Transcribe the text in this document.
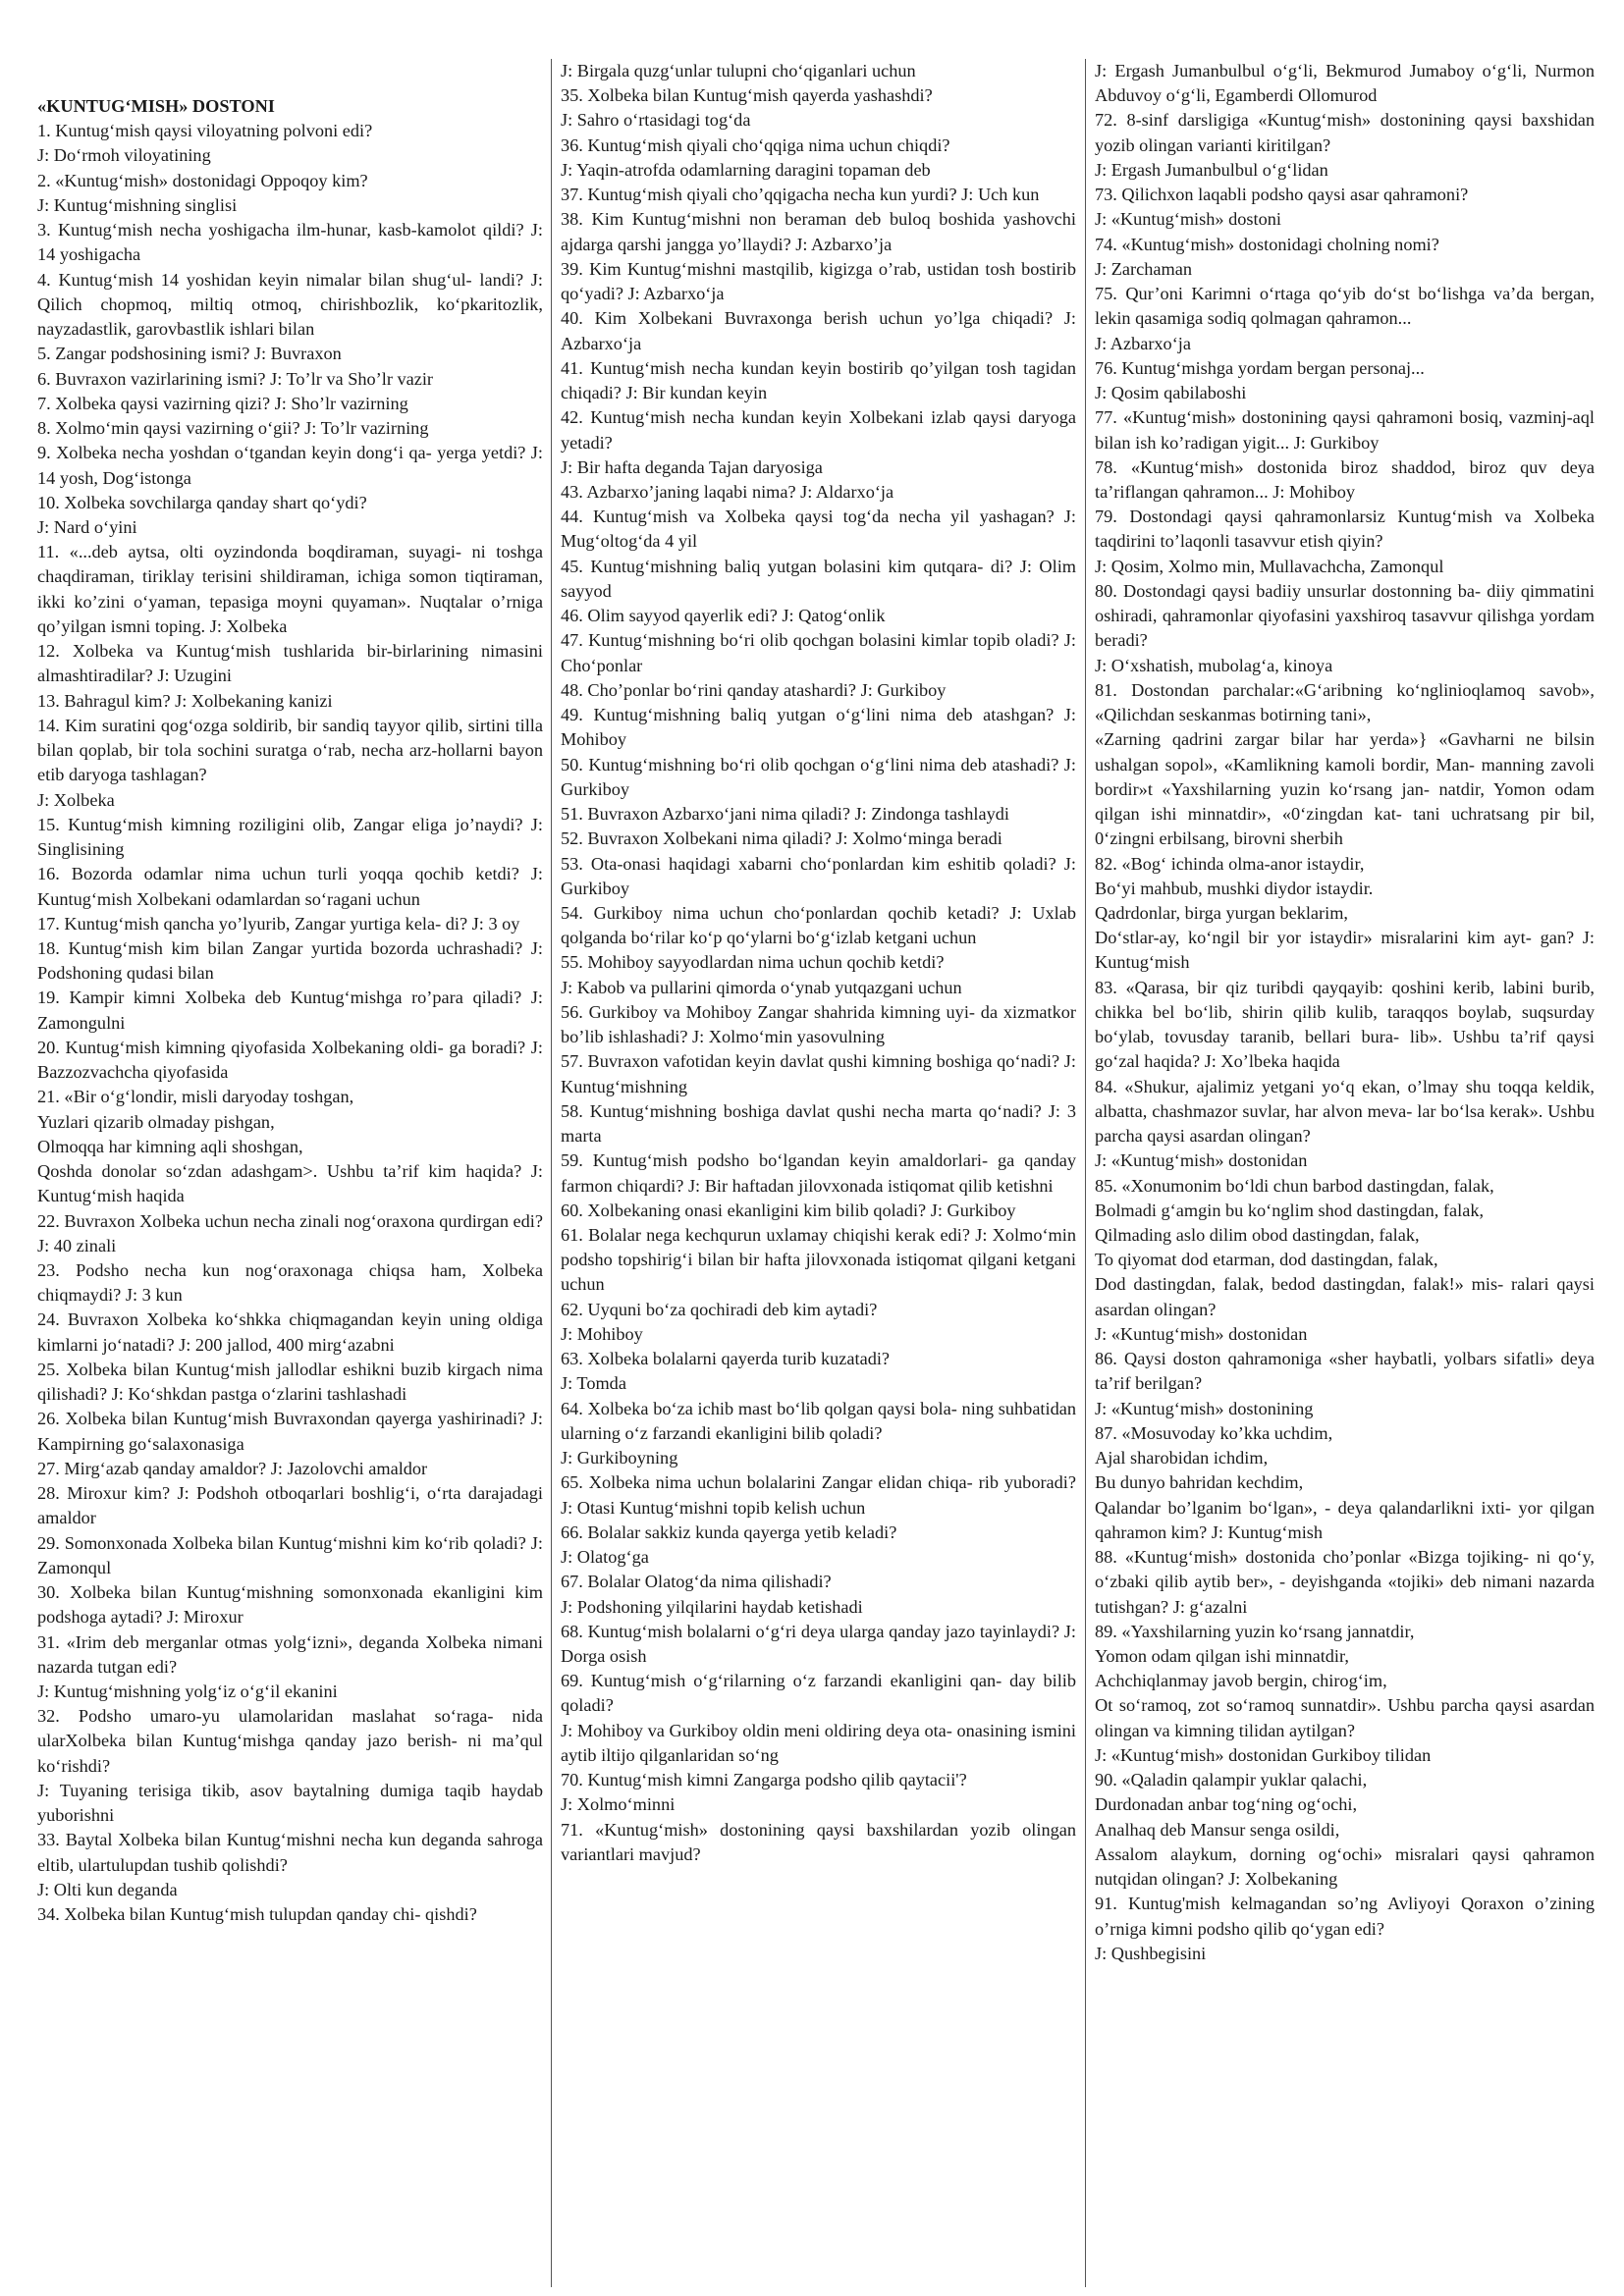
«KUNTUG‘MISH» DOSTONI

1. Kuntug‘mish qaysi viloyatning polvoni edi?

J: Do‘rmoh viloyatining

2. «Kuntug‘mish» dostonidagi Oppoqoy kim?

J: Kuntug‘mishning singlisi

3. Kuntug‘mish necha yoshigacha ilm-hunar, kasb-kamolot qildi? J: 14 yoshigacha

4. Kuntug‘mish 14 yoshidan keyin nimalar bilan shug‘ul- landi? J: Qilich chopmoq, miltiq otmoq, chirishbozlik, ko‘pkaritozlik, nayzadastlik, garovbastlik ishlari bilan

5. Zangar podshosining ismi? J: Buvraxon

6. Buvraxon vazirlarining ismi? J: To’lr va Sho’lr vazir

7. Xolbeka qaysi vazirning qizi? J: Sho’lr vazirning

8. Xolmo‘min qaysi vazirning o‘gii? J: To’lr vazirning

9. Xolbeka necha yoshdan o‘tgandan keyin dong‘i qa- yerga yetdi? J: 14 yosh, Dog‘istonga

10. Xolbeka sovchilarga qanday shart qo‘ydi?

J: Nard o‘yini

11. «...deb aytsa, olti oyzindonda boqdiraman, suyagi- ni toshga chaqdiraman, tiriklay terisini shildiraman, ichiga somon tiqtiraman, ikki ko’zini o‘yaman, tepasiga moyni quyaman». Nuqtalar o’rniga qo’yilgan ismni toping. J: Xolbeka

12. Xolbeka va Kuntug‘mish tushlarida bir-birlarining nimasini almashtiradilar? J: Uzugini

13. Bahragul kim? J: Xolbekaning kanizi

14. Kim suratini qog‘ozga soldirib, bir sandiq tayyor qilib, sirtini tilla bilan qoplab, bir tola sochini suratga o‘rab, necha arz-hollarni bayon etib daryoga tashlagan?

J: Xolbeka

15. Kuntug‘mish kimning roziligini olib, Zangar eliga jo’naydi? J: Singlisining

16. Bozorda odamlar nima uchun turli yoqqa qochib ketdi? J: Kuntug‘mish Xolbekani odamlardan so‘ragani uchun

17. Kuntug‘mish qancha yo’lyurib, Zangar yurtiga kela- di? J: 3 oy

18. Kuntug‘mish kim bilan Zangar yurtida bozorda uchrashadi? J: Podshoning qudasi bilan

19. Kampir kimni Xolbeka deb Kuntug‘mishga ro’para qiladi? J: Zamongulni

20. Kuntug‘mish kimning qiyofasida Xolbekaning oldi- ga boradi? J: Bazzozvachcha qiyofasida

21. «Bir o‘g‘londir, misli daryoday toshgan,
Yuzlari qizarib olmaday pishgan,
Olmoqqa har kimning aqli shoshgan,
Qoshda donolar so‘zdan adashgam>. Ushbu ta’rif kim haqida? J: Kuntug‘mish haqida

22. Buvraxon Xolbeka uchun necha zinali nog‘oraxona qurdirgan edi? J: 40 zinali

23. Podsho necha kun nog‘oraxonaga chiqsa ham, Xolbeka chiqmaydi? J: 3 kun

24. Buvraxon Xolbeka ko‘shkka chiqmagandan keyin uning oldiga kimlarni jo‘natadi? J: 200 jallod, 400 mirg‘azabni

25. Xolbeka bilan Kuntug‘mish jallodlar eshikni buzib kirgach nima qilishadi? J: Ko‘shkdan pastga o‘zlarini tashlashadi

26. Xolbeka bilan Kuntug‘mish Buvraxondan qayerga yashirinadi? J: Kampirning go‘salaxonasiga

27. Mirg‘azab qanday amaldor? J: Jazolovchi amaldor

28. Miroxur kim? J: Podshoh otboqarlari boshlig‘i, o‘rta darajadagi amaldor

29. Somonxonada Xolbeka bilan Kuntug‘mishni kim ko‘rib qoladi? J: Zamonqul

30. Xolbeka bilan Kuntug‘mishning somonxonada ekanligini kim podshoga aytadi? J: Miroxur

31. «Irim deb merganlar otmas yolg‘izni», deganda Xolbeka nimani nazarda tutgan edi?

J: Kuntug‘mishning yolg‘iz o‘g‘il ekanini

32. Podsho umaro-yu ulamolaridan maslahat so‘raga- nida ularXolbeka bilan Kuntug‘mishga qanday jazo berish- ni ma’qul ko‘rishdi?

J: Tuyaning terisiga tikib, asov baytalning dumiga taqib haydab yuborishni

33. Baytal Xolbeka bilan Kuntug‘mishni necha kun deganda sahroga eltib, ulartulupdan tushib qolishdi?

J: Olti kun deganda

34. Xolbeka bilan Kuntug‘mish tulupdan qanday chi- qishdi?

J: Birgala quzg‘unlar tulupni cho‘qiganlari uchun

35. Xolbeka bilan Kuntug‘mish qayerda yashashdi?

J: Sahro o‘rtasidagi tog‘da

36. Kuntug‘mish qiyali cho‘qqiga nima uchun chiqdi?

J: Yaqin-atrofda odamlarning daragini topaman deb

37. Kuntug‘mish qiyali cho’qqigacha necha kun yurdi? J: Uch kun

38. Kim Kuntug‘mishni non beraman deb buloq boshida yashovchi ajdarga qarshi jangga yo’llaydi? J: Azbarxo’ja

39. Kim Kuntug‘mishni mastqilib, kigizga o’rab, ustidan tosh bostirib qo‘yadi? J: Azbarxo‘ja

40. Kim Xolbekani Buvraxonga berish uchun yo’lga chiqadi? J: Azbarxo‘ja

41. Kuntug‘mish necha kundan keyin bostirib qo’yilgan tosh tagidan chiqadi? J: Bir kundan keyin

42. Kuntug‘mish necha kundan keyin Xolbekani izlab qaysi daryoga yetadi?

J: Bir hafta deganda Tajan daryosiga

43. Azbarxo’janing laqabi nima? J: Aldarxo‘ja

44. Kuntug‘mish va Xolbeka qaysi tog‘da necha yil yashagan? J: Mug‘oltog‘da 4 yil

45. Kuntug‘mishning baliq yutgan bolasini kim qutqara- di? J: Olim sayyod

46. Olim sayyod qayerlik edi? J: Qatog‘onlik

47. Kuntug‘mishning bo‘ri olib qochgan bolasini kimlar topib oladi? J: Cho‘ponlar

48. Cho’ponlar bo‘rini qanday atashardi? J: Gurkiboy

49. Kuntug‘mishning baliq yutgan o‘g‘lini nima deb atashgan? J: Mohiboy

50. Kuntug‘mishning bo‘ri olib qochgan o‘g‘lini nima deb atashadi? J: Gurkiboy

51. Buvraxon Azbarxo‘jani nima qiladi? J: Zindonga tashlaydi

52. Buvraxon Xolbekani nima qiladi? J: Xolmo‘minga beradi

53. Ota-onasi haqidagi xabarni cho‘ponlardan kim eshitib qoladi? J: Gurkiboy

54. Gurkiboy nima uchun cho‘ponlardan qochib ketadi? J: Uxlab qolganda bo‘rilar ko‘p qo‘ylarni bo‘g‘izlab ketgani uchun

55. Mohiboy sayyodlardan nima uchun qochib ketdi?

J: Kabob va pullarini qimorda o‘ynab yutqazgani uchun

56. Gurkiboy va Mohiboy Zangar shahrida kimning uyi- da xizmatkor bo’lib ishlashadi? J: Xolmo‘min yasovulning

57. Buvraxon vafotidan keyin davlat qushi kimning boshiga qo‘nadi? J: Kuntug‘mishning

58. Kuntug‘mishning boshiga davlat qushi necha marta qo‘nadi? J: 3 marta

59. Kuntug‘mish podsho bo‘lgandan keyin amaldorlari- ga qanday farmon chiqardi? J: Bir haftadan jilovxonada istiqomat qilib ketishni

60. Xolbekaning onasi ekanligini kim bilib qoladi? J: Gurkiboy

61. Bolalar nega kechqurun uxlamay chiqishi kerak edi? J: Xolmo‘min podsho topshirig‘i bilan bir hafta jilovxonada istiqomat qilgani ketgani uchun

62. Uyquni bo‘za qochiradi deb kim aytadi?

J: Mohiboy

63. Xolbeka bolalarni qayerda turib kuzatadi?

J: Tomda

64. Xolbeka bo‘za ichib mast bo‘lib qolgan qaysi bola- ning suhbatidan ularning o‘z farzandi ekanligini bilib qoladi?

J: Gurkiboyning

65. Xolbeka nima uchun bolalarini Zangar elidan chiqa- rib yuboradi? J: Otasi Kuntug‘mishni topib kelish uchun

66. Bolalar sakkiz kunda qayerga yetib keladi?

J: Olatog‘ga

67. Bolalar Olatog‘da nima qilishadi?

J: Podshoning yilqilarini haydab ketishadi

68. Kuntug‘mish bolalarni o‘g‘ri deya ularga qanday jazo tayinlaydi? J: Dorga osish

69. Kuntug‘mish o‘g‘rilarning o‘z farzandi ekanligini qan- day bilib qoladi?

J: Mohiboy va Gurkiboy oldin meni oldiring deya ota- onasining ismini aytib iltijo qilganlaridan so‘ng

70. Kuntug‘mish kimni Zangarga podsho qilib qaytacii'?

J: Xolmo‘minni

71. «Kuntug‘mish» dostonining qaysi baxshilardan yozib olingan variantlari mavjud?

J: Ergash Jumanbulbul o‘g‘li, Bekmurod Jumaboy o‘g‘li, Nurmon Abduvoy o‘g‘li, Egamberdi Ollomurod

72. 8-sinf darsligiga «Kuntug‘mish» dostonining qaysi baxshidan yozib olingan varianti kiritilgan?

J: Ergash Jumanbulbul o‘g‘lidan

73. Qilichxon laqabli podsho qaysi asar qahramoni?

J: «Kuntug‘mish» dostoni

74. «Kuntug‘mish» dostonidagi cholning nomi?

J: Zarchaman

75. Qur’oni Karimni o‘rtaga qo‘yib do‘st bo‘lishga va’da bergan, lekin qasamiga sodiq qolmagan qahramon...

J: Azbarxo‘ja

76. Kuntug‘mishga yordam bergan personaj...

J: Qosim qabilaboshi

77. «Kuntug‘mish» dostonining qaysi qahramoni bosiq, vazminj-aql bilan ish ko’radigan yigit... J: Gurkiboy

78. «Kuntug‘mish» dostonida biroz shaddod, biroz quv deya ta’riflangan qahramon... J: Mohiboy

79. Dostondagi qaysi qahramonlarsiz Kuntug‘mish va Xolbeka taqdirini to’laqonli tasavvur etish qiyin?

J: Qosim, Xolmo min, Mullavachcha, Zamonqul

80. Dostondagi qaysi badiiy unsurlar dostonning ba- diiy qimmatini oshiradi, qahramonlar qiyofasini yaxshiroq tasavvur qilishga yordam beradi?

J: O‘xshatish, mubolag‘a, kinoya

81. Dostondan parchalar:«G‘aribning ko‘nglinioqlamoq savob», «Qilichdan seskanmas botirning tani»,
«Zarning qadrini zargar bilar har yerda»} «Gavharni ne bilsin ushalgan sopol», «Kamlikning kamoli bordir, Man- manning zavoli bordir»t «Yaxshilarning yuzin ko‘rsang jan- natdir, Yomon odam qilgan ishi minnatdir», «0‘zingdan kat- tani uchratsang pir bil, 0‘zingni erbilsang, birovni sherbih

82. «Bog‘ ichinda olma-anor istaydir,
Bo‘yi mahbub, mushki diydor istaydir.
Qadrdonlar, birga yurgan beklarim,
Do‘stlar-ay, ko‘ngil bir yor istaydir» misralarini kim ayt- gan? J: Kuntug‘mish

83. «Qarasa, bir qiz turibdi qayqayib: qoshini kerib, labini burib, chikka bel bo‘lib, shirin qilib kulib, taraqqos boylab, suqsurday bo‘ylab, tovusday taranib, bellari bura- lib». Ushbu ta’rif qaysi go‘zal haqida? J: Xo’lbeka haqida

84. «Shukur, ajalimiz yetgani yo‘q ekan, o’lmay shu toqqa keldik, albatta, chashmazor suvlar, har alvon meva- lar bo‘lsa kerak». Ushbu parcha qaysi asardan olingan?

J: «Kuntug‘mish» dostonidan

85. «Xonumonim bo‘ldi chun barbod dastingdan, falak,
Bolmadi g‘amgin bu ko‘nglim shod dastingdan, falak,
Qilmading aslo dilim obod dastingdan, falak,
To qiyomat dod etarman, dod dastingdan, falak,
Dod dastingdan, falak, bedod dastingdan, falak!» mis- ralari qaysi asardan olingan?

J: «Kuntug‘mish» dostonidan

86. Qaysi doston qahramoniga «sher haybatli, yolbars sifatli» deya ta’rif berilgan?

J: «Kuntug‘mish» dostonining

87. «Mosuvoday ko’kka uchdim,
Ajal sharobidan ichdim,
Bu dunyo bahridan kechdim,
Qalandar bo’lganim bo‘lgan», - deya qalandarlikni ixti- yor qilgan qahramon kim? J: Kuntug‘mish

88. «Kuntug‘mish» dostonida cho’ponlar «Bizga tojiking- ni qo‘y, o‘zbaki qilib aytib ber», - deyishganda «tojiki» deb nimani nazarda tutishgan? J: g‘azalni

89. «Yaxshilarning yuzin ko‘rsang jannatdir,
Yomon odam qilgan ishi minnatdir,
Achchiqlanmay javob bergin, chirog‘im,
Ot so‘ramoq, zot so‘ramoq sunnatdir». Ushbu parcha qaysi asardan olingan va kimning tilidan aytilgan?

J: «Kuntug‘mish» dostonidan Gurkiboy tilidan

90. «Qaladin qalampir yuklar qalachi,
Durdonadan anbar tog‘ning og‘ochi,
Analhaq deb Mansur senga osildi,
Assalom alaykum, dorning og‘ochi» misralari qaysi qahramon nutqidan olingan? J: Xolbekaning

91. Kuntug'mish kelmagandan so’ng Avliyoyi Qoraxon o’zining o’rniga kimni podsho qilib qo‘ygan edi?

J: Qushbegisini
